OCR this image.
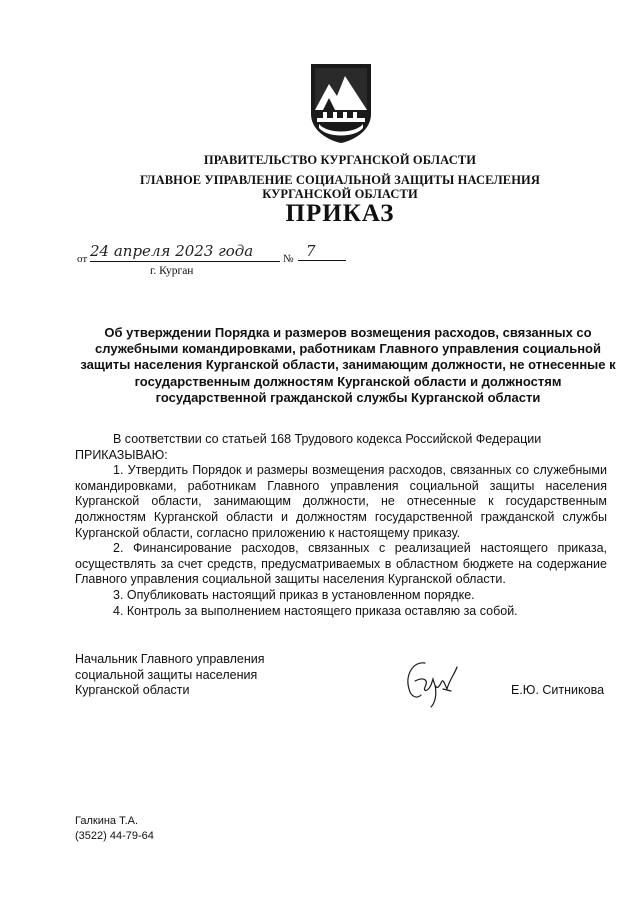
ПРАВИТЕЛЬСТВО КУРГАНСКОЙ ОБЛАСТИ
ГЛАВНОЕ УПРАВЛЕНИЕ СОЦИАЛЬНОЙ ЗАЩИТЫ НАСЕЛЕНИЯ
КУРГАНСКОЙ ОБЛАСТИ
ПРИКАЗ
от 24 апреля 2023 года	№ 7
г. Курган
Об утверждении Порядка и размеров возмещения расходов, связанных со служебными командировками, работникам Главного управления социальной защиты населения Курганской области, занимающим должности, не отнесенные к государственным должностям Курганской области и должностям государственной гражданской службы Курганской области

В соответствии со статьей 168 Трудового кодекса Российской Федерации

ПРИКАЗЫВАЮ:

1. Утвердить Порядок и размеры возмещения расходов, связанных со служебными командировками, работникам Главного управления социальной защиты населения Курганской области, занимающим должности, не отнесенные к государственным должностям Курганской области и должностям государственной гражданской службы Курганской области, согласно приложению к настоящему приказу.

2. Финансирование расходов, связанных с реализацией настоящего приказа, осуществлять за счет средств, предусматриваемых в областном бюджете на содержание Главного управления социальной защиты населения Курганской области.

3. Опубликовать настоящий приказ в установленном порядке.

4. Контроль за выполнением настоящего приказа оставляю за собой.

Начальник Главного управления
социальной защиты населения
Курганской области	Е.Ю. Ситникова
Галкина Т.А.
(3522) 44-79-64
